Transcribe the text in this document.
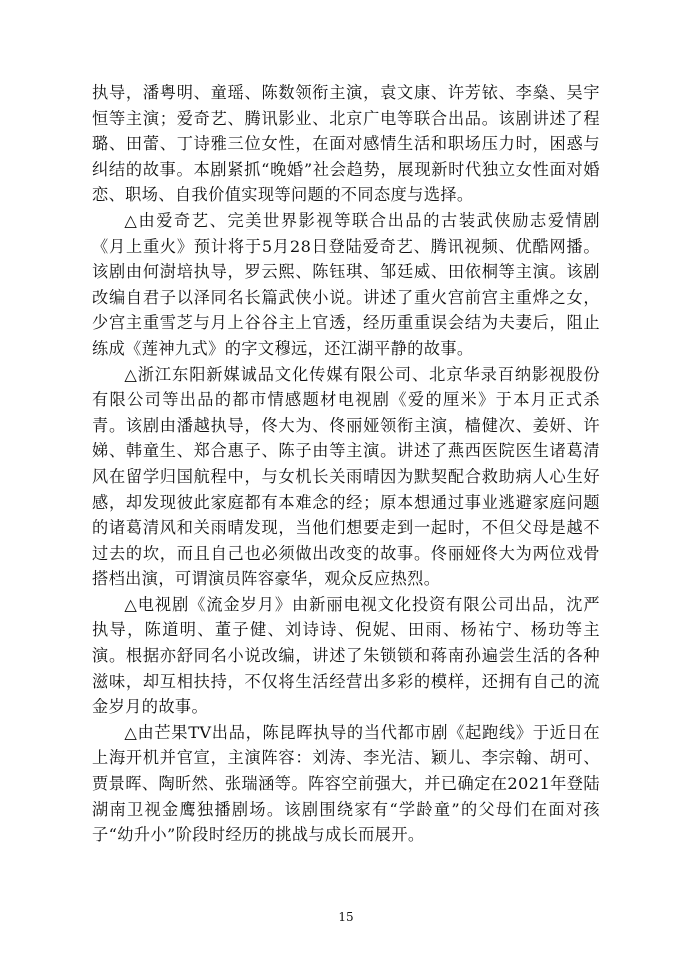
执导，潘粤明、童瑶、陈数领衔主演，袁文康、许芳铱、李燊、吴宇恒等主演；爱奇艺、腾讯影业、北京广电等联合出品。该剧讲述了程璐、田蕾、丁诗雅三位女性，在面对感情生活和职场压力时，困惑与纠结的故事。本剧紧抓“晚婚”社会趋势，展现新时代独立女性面对婚恋、职场、自我价值实现等问题的不同态度与选择。

△由爱奇艺、完美世界影视等联合出品的古装武侠励志爱情剧《月上重火》预计将于5月28日登陆爱奇艺、腾讯视频、优酷网播。该剧由何澍培执导，罗云熙、陈钰琪、邹廷威、田依桐等主演。该剧改编自君子以泽同名长篇武侠小说。讲述了重火宫前宫主重烨之女，少宫主重雪芝与月上谷谷主上官透，经历重重误会结为夫妻后，阻止练成《莲神九式》的字文穆远，还江湖平静的故事。

△浙江东阳新媒诚品文化传媒有限公司、北京华录百纳影视股份有限公司等出品的都市情感题材电视剧《爱的厘米》于本月正式杀青。该剧由潘越执导，佟大为、佟丽娅领衔主演，樯健次、姜妍、许娣、韩童生、郑合惠子、陈子由等主演。讲述了燕西医院医生诸葛清风在留学归国航程中，与女机长关雨晴因为默契配合救助病人心生好感，却发现彼此家庭都有本难念的经；原本想通过事业逃避家庭问题的诸葛清风和关雨晴发现，当他们想要走到一起时，不但父母是越不过去的坎，而且自己也必须做出改变的故事。佟丽娅佟大为两位戏骨搭档出演，可谓演员阵容豪华，观众反应热烈。

△电视剧《流金岁月》由新丽电视文化投资有限公司出品，沈严执导，陈道明、董子健、刘诗诗、倪妮、田雨、杨祐宁、杨玏等主演。根据亦舒同名小说改编，讲述了朱锁锁和蒋南孙遍尝生活的各种滋味，却互相扶持，不仅将生活经营出多彩的模样，还拥有自己的流金岁月的故事。

△由芒果TV出品，陈昆晖执导的当代都市剧《起跑线》于近日在上海开机并官宣，主演阵容：刘涛、李光洁、颖儿、李宗翰、胡可、贾景晖、陶昕然、张瑞涵等。阵容空前强大，并已确定在2021年登陆湖南卫视金鹰独播剧场。该剧围绕家有“学龄童”的父母们在面对孩子“幼升小”阶段时经历的挑战与成长而展开。

15
